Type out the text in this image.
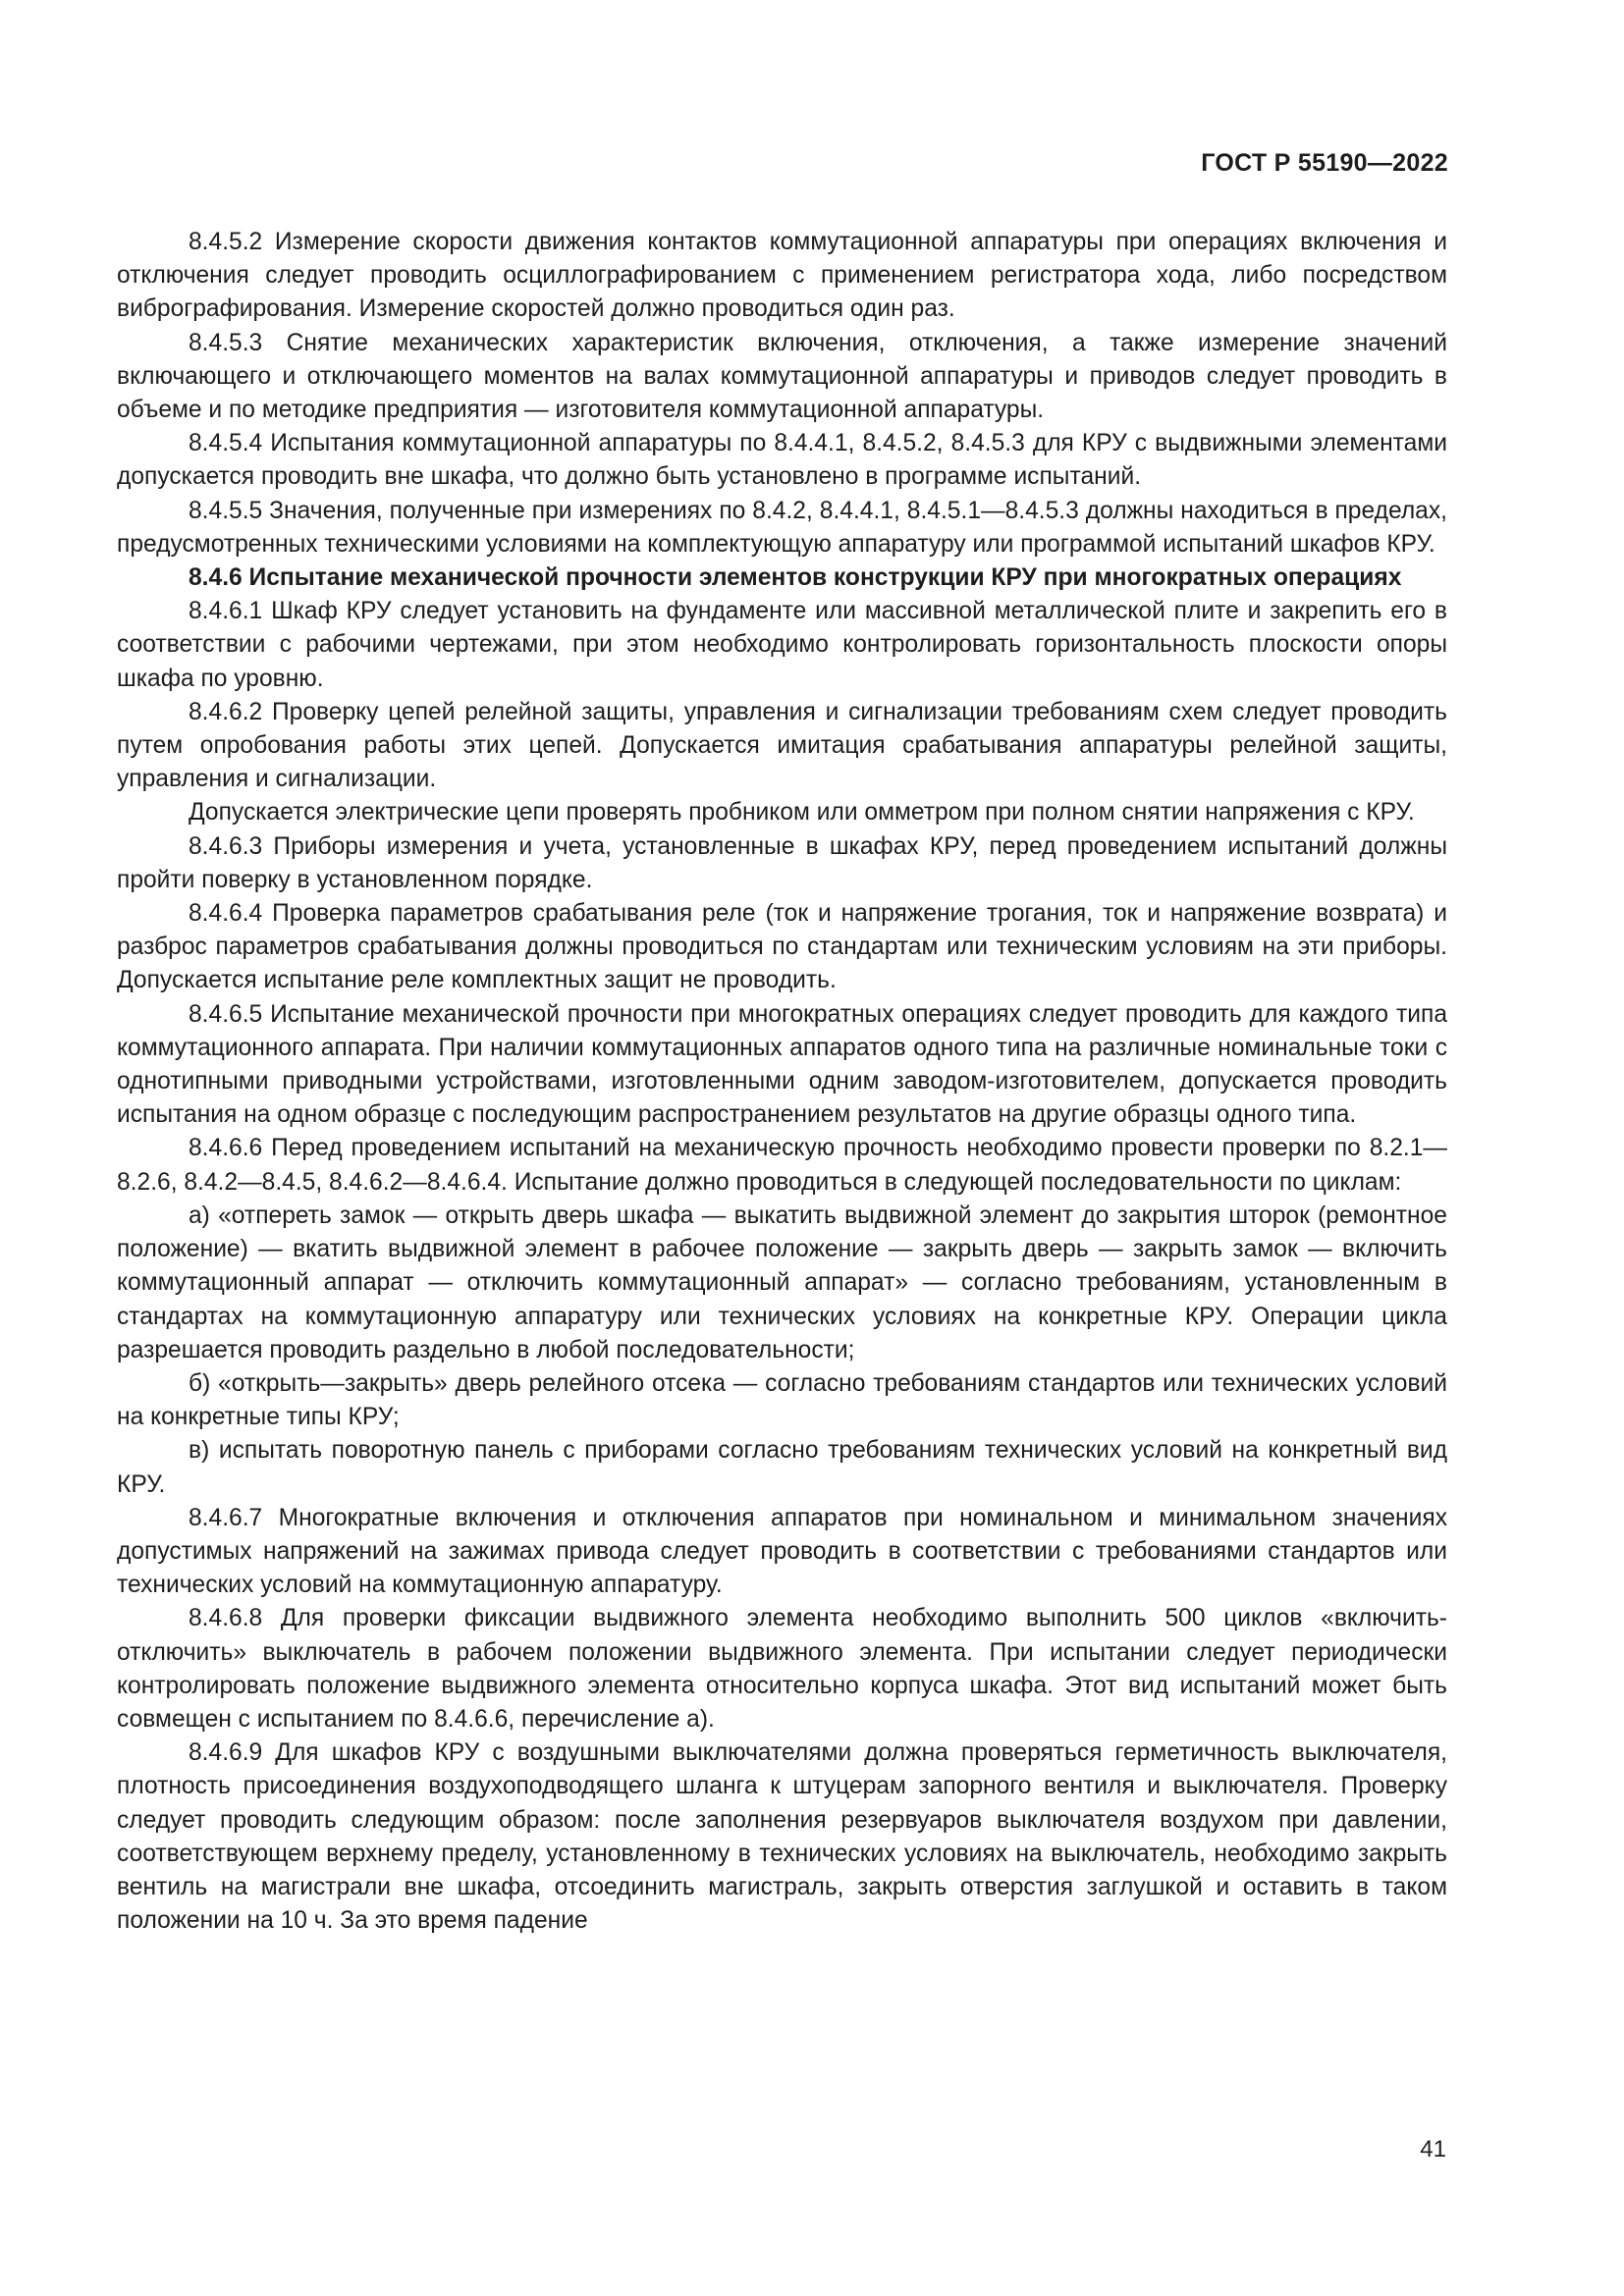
ГОСТ Р 55190—2022

8.4.5.2 Измерение скорости движения контактов коммутационной аппаратуры при операциях включения и отключения следует проводить осциллографированием с применением регистратора хода, либо посредством вибрографирования. Измерение скоростей должно проводиться один раз.

8.4.5.3 Снятие механических характеристик включения, отключения, а также измерение значений включающего и отключающего моментов на валах коммутационной аппаратуры и приводов следует проводить в объеме и по методике предприятия — изготовителя коммутационной аппаратуры.

8.4.5.4 Испытания коммутационной аппаратуры по 8.4.4.1, 8.4.5.2, 8.4.5.3 для КРУ с выдвижными элементами допускается проводить вне шкафа, что должно быть установлено в программе испытаний.

8.4.5.5 Значения, полученные при измерениях по 8.4.2, 8.4.4.1, 8.4.5.1—8.4.5.3 должны находиться в пределах, предусмотренных техническими условиями на комплектующую аппаратуру или программой испытаний шкафов КРУ.

8.4.6 Испытание механической прочности элементов конструкции КРУ при многократных операциях

8.4.6.1 Шкаф КРУ следует установить на фундаменте или массивной металлической плите и закрепить его в соответствии с рабочими чертежами, при этом необходимо контролировать горизонтальность плоскости опоры шкафа по уровню.

8.4.6.2 Проверку цепей релейной защиты, управления и сигнализации требованиям схем следует проводить путем опробования работы этих цепей. Допускается имитация срабатывания аппаратуры релейной защиты, управления и сигнализации.

Допускается электрические цепи проверять пробником или омметром при полном снятии напряжения с КРУ.

8.4.6.3 Приборы измерения и учета, установленные в шкафах КРУ, перед проведением испытаний должны пройти поверку в установленном порядке.

8.4.6.4 Проверка параметров срабатывания реле (ток и напряжение трогания, ток и напряжение возврата) и разброс параметров срабатывания должны проводиться по стандартам или техническим условиям на эти приборы. Допускается испытание реле комплектных защит не проводить.

8.4.6.5 Испытание механической прочности при многократных операциях следует проводить для каждого типа коммутационного аппарата. При наличии коммутационных аппаратов одного типа на различные номинальные токи с однотипными приводными устройствами, изготовленными одним заводом-изготовителем, допускается проводить испытания на одном образце с последующим распространением результатов на другие образцы одного типа.

8.4.6.6 Перед проведением испытаний на механическую прочность необходимо провести проверки по 8.2.1—8.2.6, 8.4.2—8.4.5, 8.4.6.2—8.4.6.4. Испытание должно проводиться в следующей последовательности по циклам:

а) «отпереть замок — открыть дверь шкафа — выкатить выдвижной элемент до закрытия шторок (ремонтное положение) — вкатить выдвижной элемент в рабочее положение — закрыть дверь — закрыть замок — включить коммутационный аппарат — отключить коммутационный аппарат» — согласно требованиям, установленным в стандартах на коммутационную аппаратуру или технических условиях на конкретные КРУ. Операции цикла разрешается проводить раздельно в любой последовательности;

б) «открыть—закрыть» дверь релейного отсека — согласно требованиям стандартов или технических условий на конкретные типы КРУ;

в) испытать поворотную панель с приборами согласно требованиям технических условий на конкретный вид КРУ.

8.4.6.7 Многократные включения и отключения аппаратов при номинальном и минимальном значениях допустимых напряжений на зажимах привода следует проводить в соответствии с требованиями стандартов или технических условий на коммутационную аппаратуру.

8.4.6.8 Для проверки фиксации выдвижного элемента необходимо выполнить 500 циклов «включить-отключить» выключатель в рабочем положении выдвижного элемента. При испытании следует периодически контролировать положение выдвижного элемента относительно корпуса шкафа. Этот вид испытаний может быть совмещен с испытанием по 8.4.6.6, перечисление а).

8.4.6.9 Для шкафов КРУ с воздушными выключателями должна проверяться герметичность выключателя, плотность присоединения воздухоподводящего шланга к штуцерам запорного вентиля и выключателя. Проверку следует проводить следующим образом: после заполнения резервуаров выключателя воздухом при давлении, соответствующем верхнему пределу, установленному в технических условиях на выключатель, необходимо закрыть вентиль на магистрали вне шкафа, отсоединить магистраль, закрыть отверстия заглушкой и оставить в таком положении на 10 ч. За это время падение

41
